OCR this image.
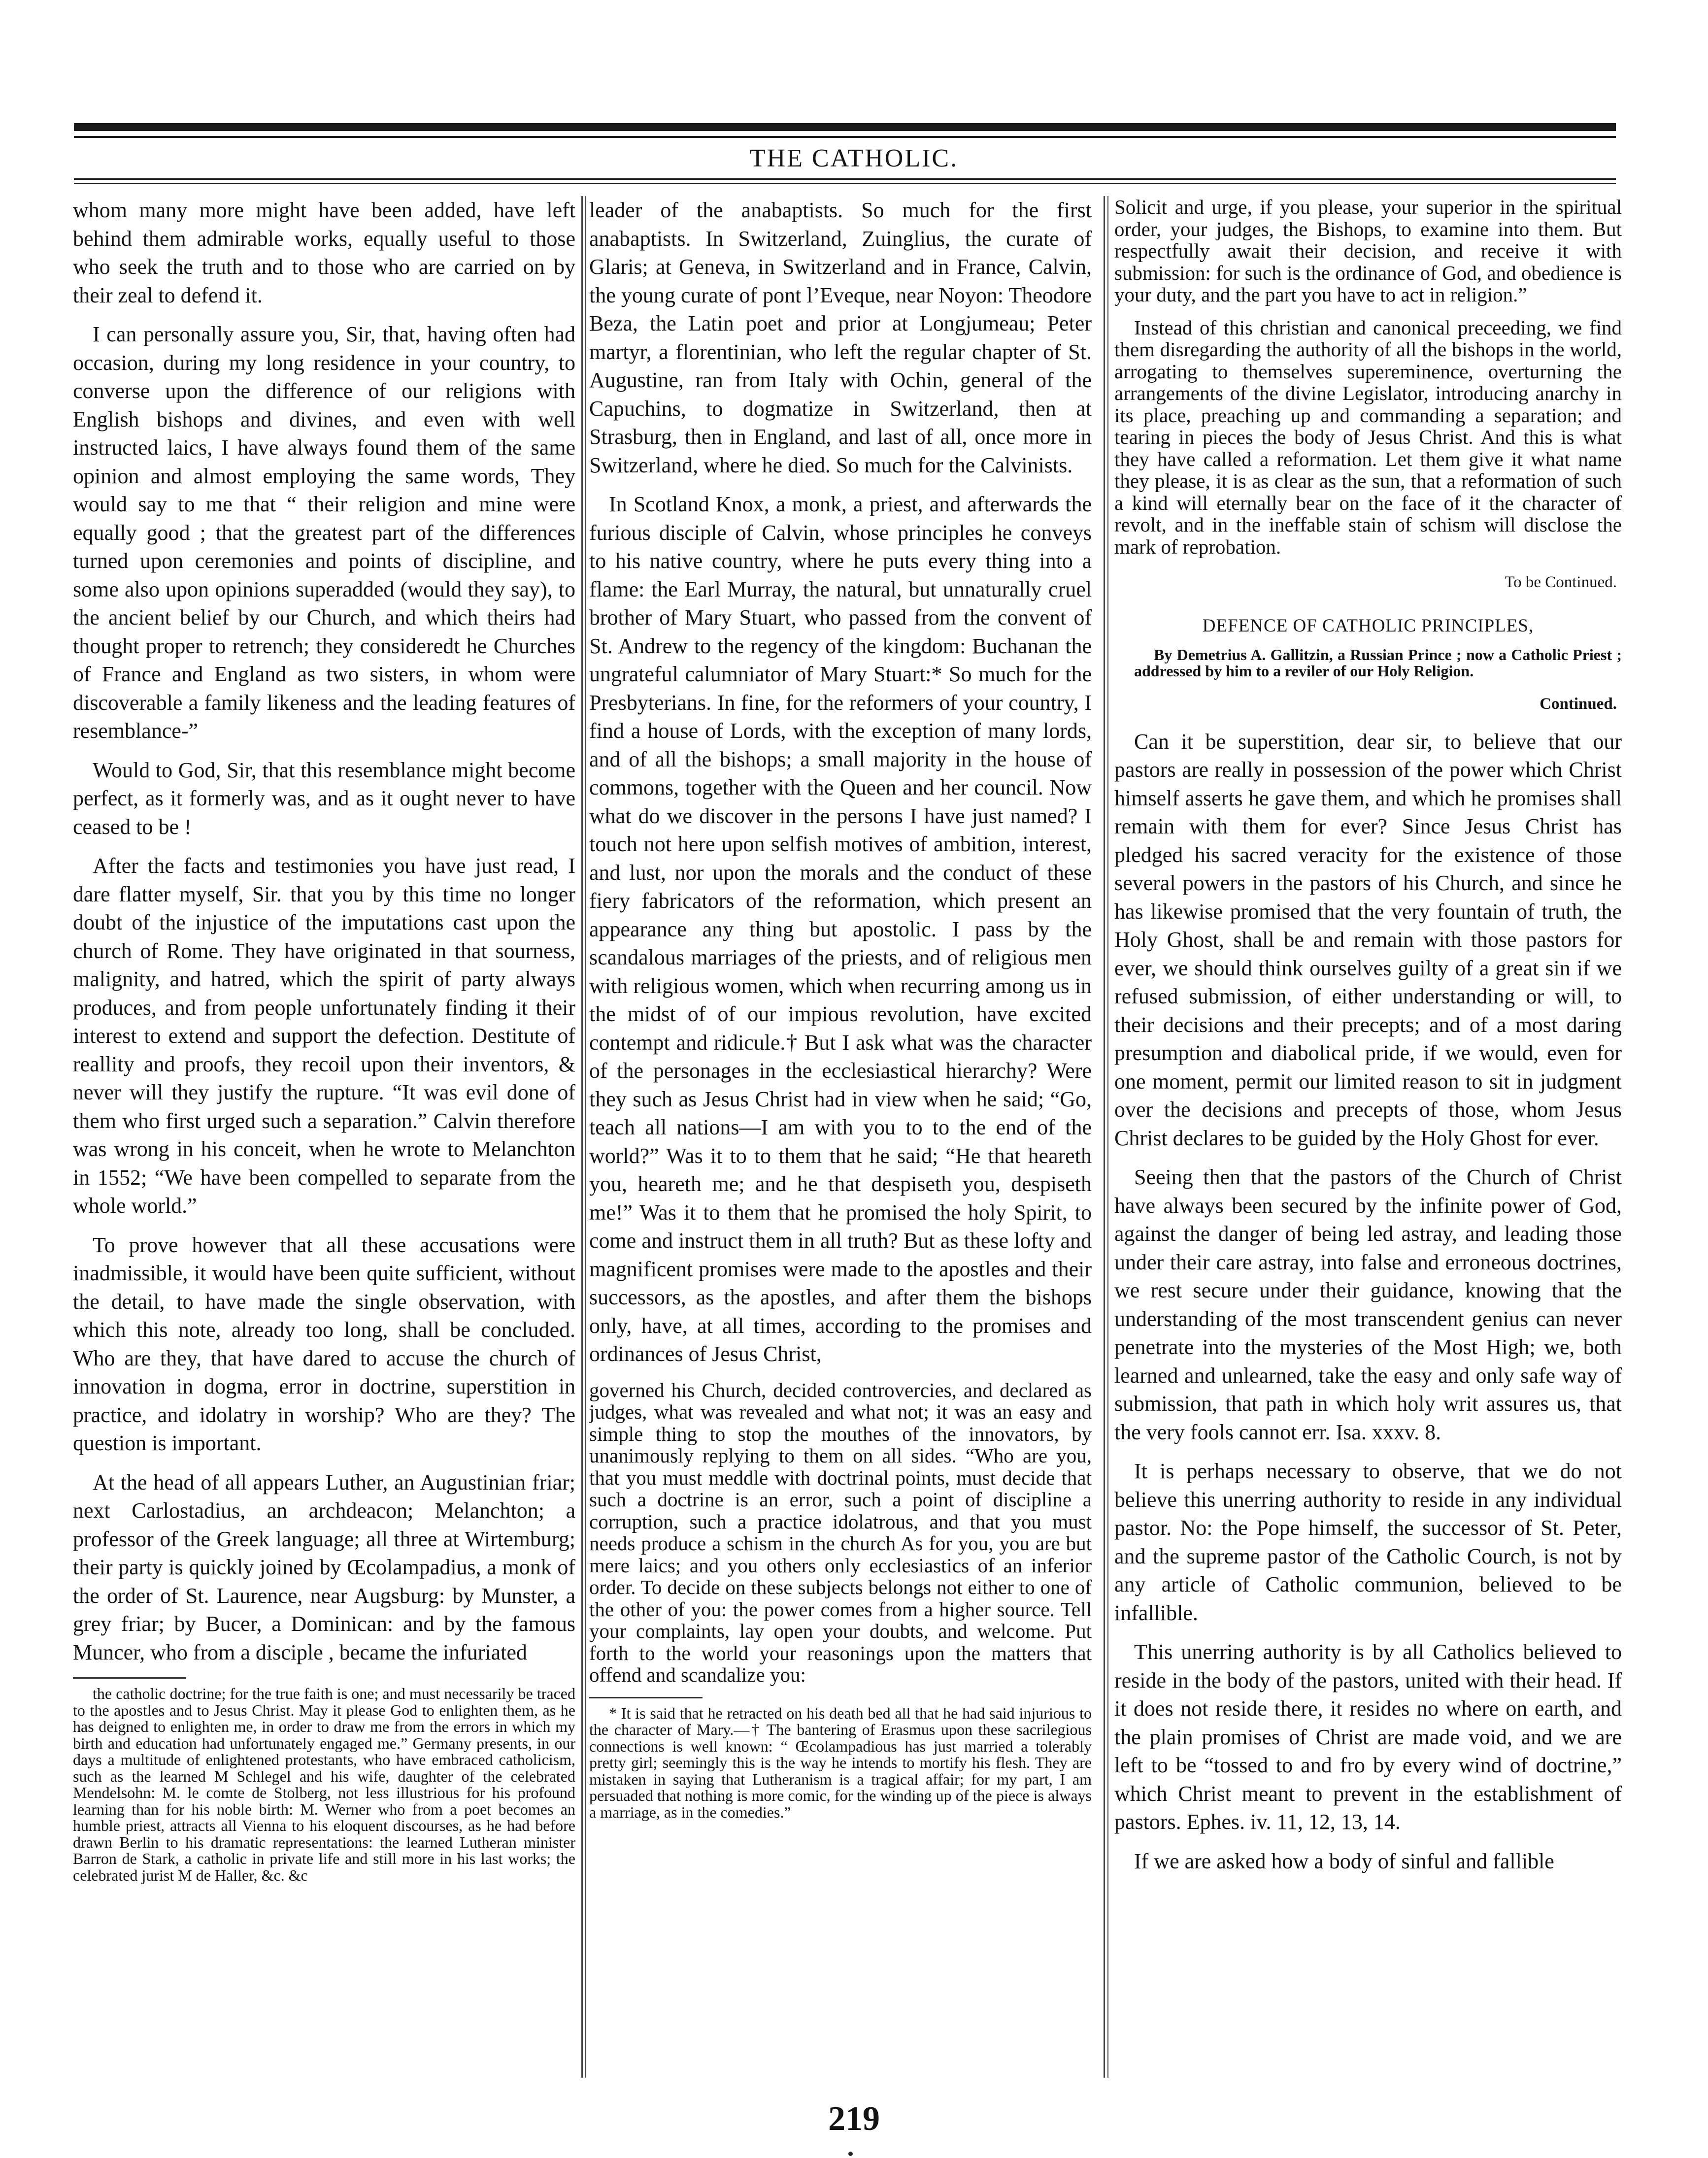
THE CATHOLIC.

whom many more might have been added, have left behind them admirable works, equally useful to those who seek the truth and to those who are carried on by their zeal to defend it.

I can personally assure you, Sir, that, having often had occasion, during my long residence in your country, to converse upon the difference of our religions with English bishops and divines, and even with well instructed laics, I have always found them of the same opinion and almost employing the same words, They would say to me that “ their religion and mine were equally good ; that the greatest part of the differences turned upon ceremonies and points of discipline, and some also upon opinions superadded (would they say), to the ancient belief by our Church, and which theirs had thought proper to retrench; they consideredt he Churches of France and England as two sisters, in whom were discoverable a family likeness and the leading features of resemblance-”

Would to God, Sir, that this resemblance might become perfect, as it formerly was, and as it ought never to have ceased to be !

After the facts and testimonies you have just read, I dare flatter myself, Sir. that you by this time no longer doubt of the injustice of the imputations cast upon the church of Rome. They have originated in that sourness, malignity, and hatred, which the spirit of party always produces, and from people unfortunately finding it their interest to extend and support the defection. Destitute of reallity and proofs, they recoil upon their inventors, & never will they justify the rupture. “It was evil done of them who first urged such a separation.” Calvin therefore was wrong in his conceit, when he wrote to Melanchton in 1552; “We have been compelled to separate from the whole world.”

To prove however that all these accusations were inadmissible, it would have been quite sufficient, without the detail, to have made the single observation, with which this note, already too long, shall be concluded. Who are they, that have dared to accuse the church of innovation in dogma, error in doctrine, superstition in practice, and idolatry in worship? Who are they? The question is important.

At the head of all appears Luther, an Augustinian friar; next Carlostadius, an archdeacon; Melanchton; a professor of the Greek language; all three at Wirtemburg; their party is quickly joined by Œcolampadius, a monk of the order of St. Laurence, near Augsburg: by Munster, a grey friar; by Bucer, a Dominican: and by the famous Muncer, who from a disciple , became the infuriated

the catholic doctrine; for the true faith is one; and must necessarily be traced to the apostles and to Jesus Christ. May it please God to enlighten them, as he has deigned to enlighten me, in order to draw me from the errors in which my birth and education had unfortunately engaged me.” Germany presents, in our days a multitude of enlightened protestants, who have embraced catholicism, such as the learned M Schlegel and his wife, daughter of the celebrated Mendelsohn: M. le comte de Stolberg, not less illustrious for his profound learning than for his noble birth: M. Werner who from a poet becomes an humble priest, attracts all Vienna to his eloquent discourses, as he had before drawn Berlin to his dramatic representations: the learned Lutheran minister Barron de Stark, a catholic in private life and still more in his last works; the celebrated jurist M de Haller, &c. &c

leader of the anabaptists. So much for the first anabaptists. In Switzerland, Zuinglius, the curate of Glaris; at Geneva, in Switzerland and in France, Calvin, the young curate of pont l’Eveque, near Noyon: Theodore Beza, the Latin poet and prior at Longjumeau; Peter martyr, a florentinian, who left the regular chapter of St. Augustine, ran from Italy with Ochin, general of the Capuchins, to dogmatize in Switzerland, then at Strasburg, then in England, and last of all, once more in Switzerland, where he died. So much for the Calvinists.

In Scotland Knox, a monk, a priest, and afterwards the furious disciple of Calvin, whose principles he conveys to his native country, where he puts every thing into a flame: the Earl Murray, the natural, but unnaturally cruel brother of Mary Stuart, who passed from the convent of St. Andrew to the regency of the kingdom: Buchanan the ungrateful calumniator of Mary Stuart:* So much for the Presbyterians. In fine, for the reformers of your country, I find a house of Lords, with the exception of many lords, and of all the bishops; a small majority in the house of commons, together with the Queen and her council. Now what do we discover in the persons I have just named? I touch not here upon selfish motives of ambition, interest, and lust, nor upon the morals and the conduct of these fiery fabricators of the reformation, which present an appearance any thing but apostolic. I pass by the scandalous marriages of the priests, and of religious men with religious women, which when recurring among us in the midst of of our impious revolution, have excited contempt and ridicule.† But I ask what was the character of the personages in the ecclesiastical hierarchy? Were they such as Jesus Christ had in view when he said; “Go, teach all nations—I am with you to to the end of the world?” Was it to to them that he said; “He that heareth you, heareth me; and he that despiseth you, despiseth me!” Was it to them that he promised the holy Spirit, to come and instruct them in all truth? But as these lofty and magnificent promises were made to the apostles and their successors, as the apostles, and after them the bishops only, have, at all times, according to the promises and ordinances of Jesus Christ,

governed his Church, decided controvercies, and declared as judges, what was revealed and what not; it was an easy and simple thing to stop the mouthes of the innovators, by unanimously replying to them on all sides. “Who are you, that you must meddle with doctrinal points, must decide that such a doctrine is an error, such a point of discipline a corruption, such a practice idolatrous, and that you must needs produce a schism in the church As for you, you are but mere laics; and you others only ecclesiastics of an inferior order. To decide on these subjects belongs not either to one of the other of you: the power comes from a higher source. Tell your complaints, lay open your doubts, and welcome. Put forth to the world your reasonings upon the matters that offend and scandalize you:

* It is said that he retracted on his death bed all that he had said injurious to the character of Mary.—† The bantering of Erasmus upon these sacrilegious connections is well known: “ Œcolampadious has just married a tolerably pretty girl; seemingly this is the way he intends to mortify his flesh. They are mistaken in saying that Lutheranism is a tragical affair; for my part, I am persuaded that nothing is more comic, for the winding up of the piece is always a marriage, as in the comedies.”

Solicit and urge, if you please, your superior in the spiritual order, your judges, the Bishops, to examine into them. But respectfully await their decision, and receive it with submission: for such is the ordinance of God, and obedience is your duty, and the part you have to act in religion.”

Instead of this christian and canonical preceeding, we find them disregarding the authority of all the bishops in the world, arrogating to themselves supereminence, overturning the arrangements of the divine Legislator, introducing anarchy in its place, preaching up and commanding a separation; and tearing in pieces the body of Jesus Christ. And this is what they have called a reformation. Let them give it what name they please, it is as clear as the sun, that a reformation of such a kind will eternally bear on the face of it the character of revolt, and in the ineffable stain of schism will disclose the mark of reprobation.

To be Continued.
DEFENCE OF CATHOLIC PRINCIPLES,

By Demetrius A. Gallitzin, a Russian Prince ; now a Catholic Priest ; addressed by him to a reviler of our Holy Religion.

Continued.

Can it be superstition, dear sir, to believe that our pastors are really in possession of the power which Christ himself asserts he gave them, and which he promises shall remain with them for ever? Since Jesus Christ has pledged his sacred veracity for the existence of those several powers in the pastors of his Church, and since he has likewise promised that the very fountain of truth, the Holy Ghost, shall be and remain with those pastors for ever, we should think ourselves guilty of a great sin if we refused submission, of either understanding or will, to their decisions and their precepts; and of a most daring presumption and diabolical pride, if we would, even for one moment, permit our limited reason to sit in judgment over the decisions and precepts of those, whom Jesus Christ declares to be guided by the Holy Ghost for ever.

Seeing then that the pastors of the Church of Christ have always been secured by the infinite power of God, against the danger of being led astray, and leading those under their care astray, into false and erroneous doctrines, we rest secure under their guidance, knowing that the understanding of the most transcendent genius can never penetrate into the mysteries of the Most High; we, both learned and unlearned, take the easy and only safe way of submission, that path in which holy writ assures us, that the very fools cannot err. Isa. xxxv. 8.

It is perhaps necessary to observe, that we do not believe this unerring authority to reside in any individual pastor. No: the Pope himself, the successor of St. Peter, and the supreme pastor of the Catholic Courch, is not by any article of Catholic communion, believed to be infallible.

This unerring authority is by all Catholics believed to reside in the body of the pastors, united with their head. If it does not reside there, it resides no where on earth, and the plain promises of Christ are made void, and we are left to be “tossed to and fro by every wind of doctrine,” which Christ meant to prevent in the establishment of pastors. Ephes. iv. 11, 12, 13, 14.

If we are asked how a body of sinful and fallible

219
